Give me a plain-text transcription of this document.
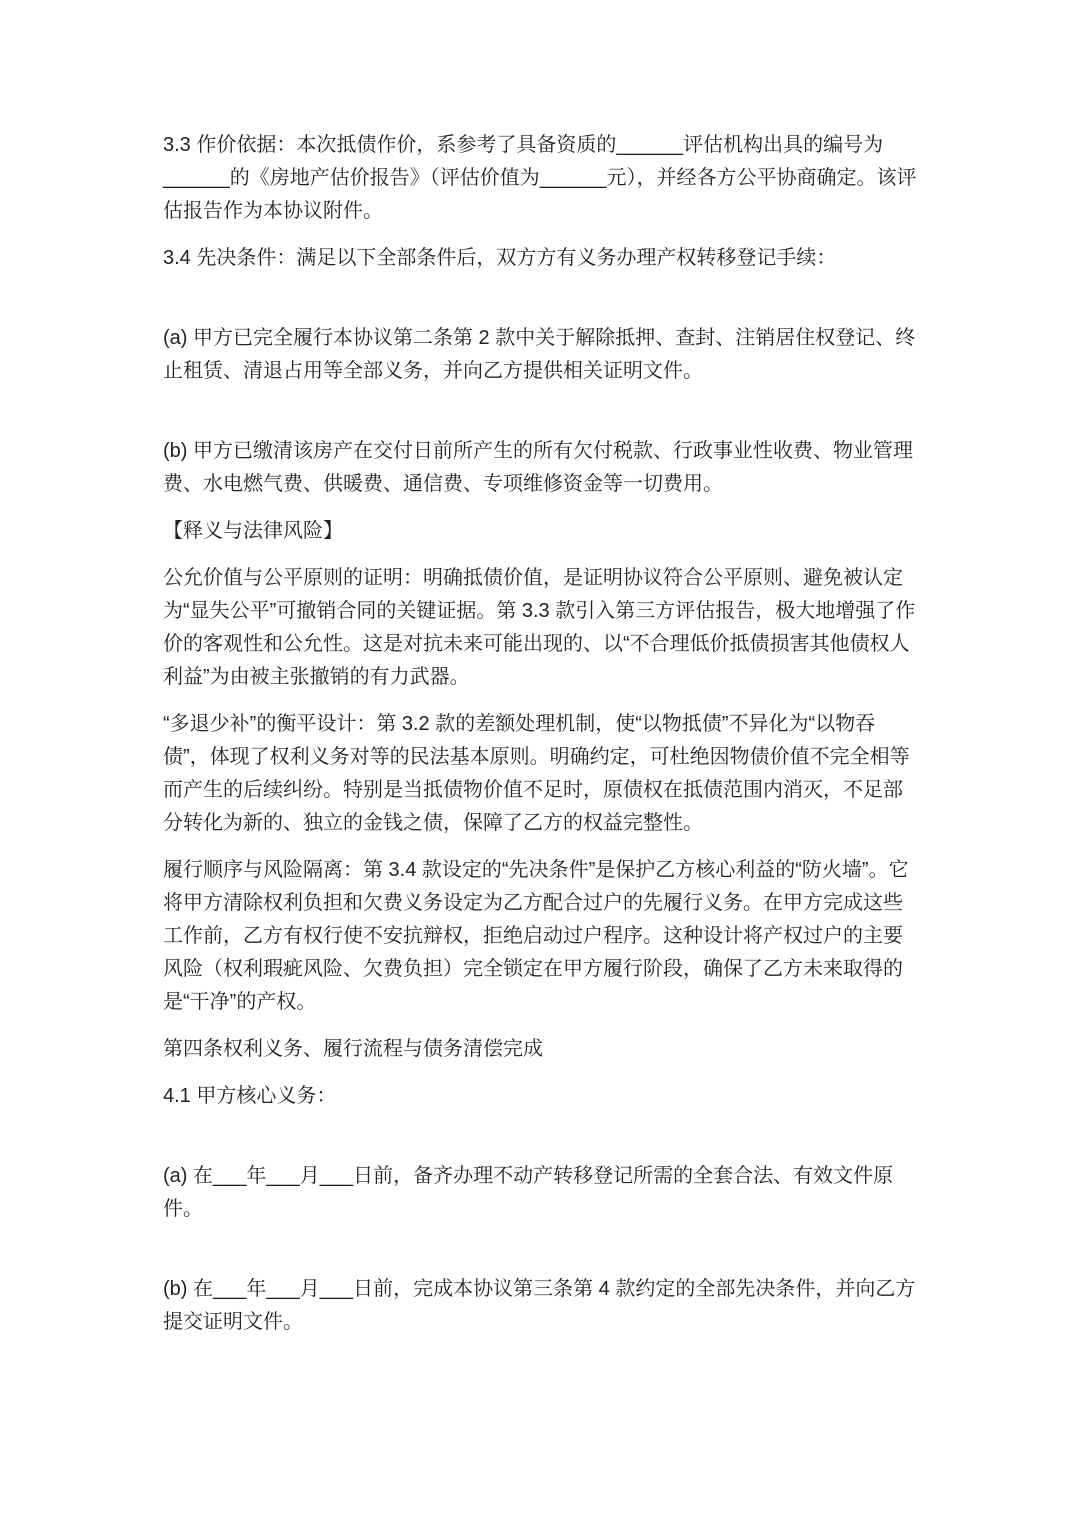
3.3 作价依据：本次抵债作价，系参考了具备资质的______评估机构出具的编号为
______的《房地产估价报告》（评估价值为______元），并经各方公平协商确定。该评
估报告作为本协议附件。
3.4 先决条件：满足以下全部条件后，双方方有义务办理产权转移登记手续：
(a) 甲方已完全履行本协议第二条第 2 款中关于解除抵押、查封、注销居住权登记、终
止租赁、清退占用等全部义务，并向乙方提供相关证明文件。
(b) 甲方已缴清该房产在交付日前所产生的所有欠付税款、行政事业性收费、物业管理
费、水电燃气费、供暖费、通信费、专项维修资金等一切费用。
【释义与法律风险】
公允价值与公平原则的证明：明确抵债价值，是证明协议符合公平原则、避免被认定
为“显失公平”可撤销合同的关键证据。第 3.3 款引入第三方评估报告，极大地增强了作
价的客观性和公允性。这是对抗未来可能出现的、以“不合理低价抵债损害其他债权人
利益”为由被主张撤销的有力武器。
“多退少补”的衡平设计：第 3.2 款的差额处理机制，使“以物抵债”不异化为“以物吞
债”，体现了权利义务对等的民法基本原则。明确约定，可杜绝因物债价值不完全相等
而产生的后续纠纷。特别是当抵债物价值不足时，原债权在抵债范围内消灭，不足部
分转化为新的、独立的金钱之债，保障了乙方的权益完整性。
履行顺序与风险隔离：第 3.4 款设定的“先决条件”是保护乙方核心利益的“防火墙”。它
将甲方清除权利负担和欠费义务设定为乙方配合过户的先履行义务。在甲方完成这些
工作前，乙方有权行使不安抗辩权，拒绝启动过户程序。这种设计将产权过户的主要
风险（权利瑕疵风险、欠费负担）完全锁定在甲方履行阶段，确保了乙方未来取得的
是“干净”的产权。
第四条权利义务、履行流程与债务清偿完成
4.1 甲方核心义务：
(a) 在___年___月___日前，备齐办理不动产转移登记所需的全套合法、有效文件原
件。
(b) 在___年___月___日前，完成本协议第三条第 4 款约定的全部先决条件，并向乙方
提交证明文件。
